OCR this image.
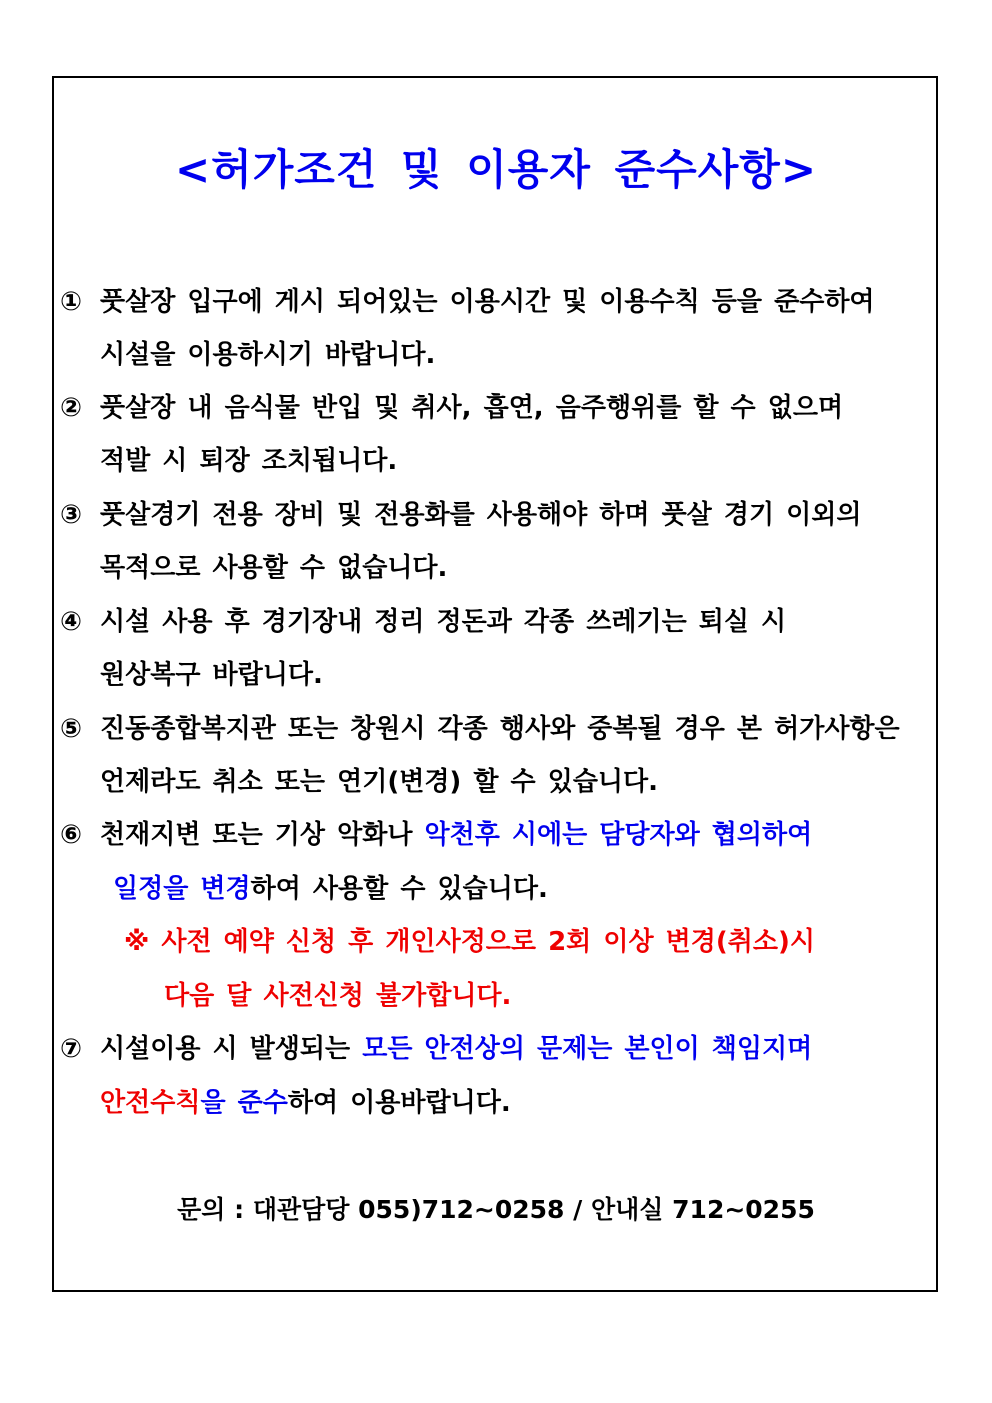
<허가조건 및 이용자 준수사항>
① 풋살장 입구에 게시 되어있는 이용시간 및 이용수칙 등을 준수하여
시설을 이용하시기 바랍니다.
② 풋살장 내 음식물 반입 및 취사, 흡연, 음주행위를 할 수 없으며
적발 시 퇴장 조치됩니다.
③ 풋살경기 전용 장비 및 전용화를 사용해야 하며 풋살 경기 이외의
목적으로 사용할 수 없습니다.
④ 시설 사용 후 경기장내 정리 정돈과 각종 쓰레기는 퇴실 시
원상복구 바랍니다.
⑤ 진동종합복지관 또는 창원시 각종 행사와 중복될 경우 본 허가사항은
언제라도 취소 또는 연기(변경) 할 수 있습니다.
⑥ 천재지변 또는 기상 악화나 악천후 시에는 담당자와 협의하여
일정을 변경하여 사용할 수 있습니다.
※ 사전 예약 신청 후 개인사정으로 2회 이상 변경(취소)시
다음 달 사전신청 불가합니다.
⑦ 시설이용 시 발생되는 모든 안전상의 문제는 본인이 책임지며
안전수칙을 준수하여 이용바랍니다.
문의 : 대관담당 055)712~0258 / 안내실 712~0255
